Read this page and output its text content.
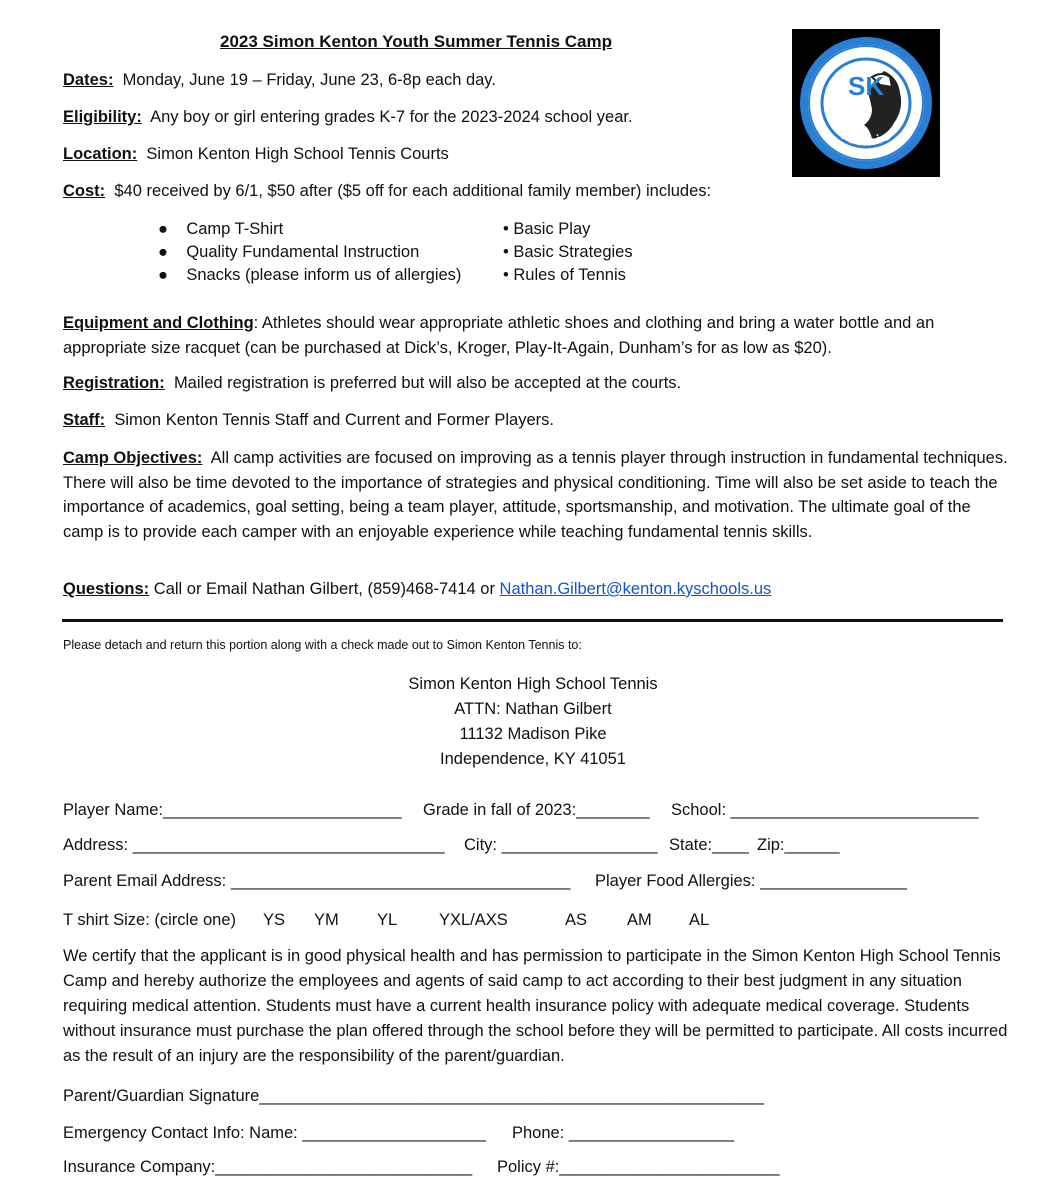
2023 Simon Kenton Youth Summer Tennis Camp
SK
Pioneer
Tennis
Dates: Monday, June 19 – Friday, June 23, 6-8p each day.
Eligibility: Any boy or girl entering grades K-7 for the 2023-2024 school year.
Location: Simon Kenton High School Tennis Courts
Cost: $40 received by 6/1, $50 after ($5 off for each additional family member) includes:
●    Camp T-Shirt
●    Quality Fundamental Instruction
●    Snacks (please inform us of allergies)
• Basic Play
• Basic Strategies
• Rules of Tennis
Equipment and Clothing: Athletes should wear appropriate athletic shoes and clothing and bring a water bottle and an appropriate size racquet (can be purchased at Dick’s, Kroger, Play-It-Again, Dunham’s for as low as $20).
Registration: Mailed registration is preferred but will also be accepted at the courts.
Staff: Simon Kenton Tennis Staff and Current and Former Players.
Camp Objectives: All camp activities are focused on improving as a tennis player through instruction in fundamental techniques. There will also be time devoted to the importance of strategies and physical conditioning. Time will also be set aside to teach the importance of academics, goal setting, being a team player, attitude, sportsmanship, and motivation. The ultimate goal of the camp is to provide each camper with an enjoyable experience while teaching fundamental tennis skills.
Questions: Call or Email Nathan Gilbert, (859)468-7414 or Nathan.Gilbert@kenton.kyschools.us
Please detach and return this portion along with a check made out to Simon Kenton Tennis to:
Simon Kenton High School Tennis
ATTN: Nathan Gilbert
11132 Madison Pike
Independence, KY 41051
Player Name:__________________________ Grade in fall of 2023:________ School: ___________________________
Address: __________________________________ City: _________________ State:____ Zip:______
Parent Email Address: _____________________________________ Player Food Allergies: ________________
T shirt Size: (circle one) YS YM YL	YXL/AXS	AS AM AL
We certify that the applicant is in good physical health and has permission to participate in the Simon Kenton High School Tennis Camp and hereby authorize the employees and agents of said camp to act according to their best judgment in any situation requiring medical attention. Students must have a current health insurance policy with adequate medical coverage. Students without insurance must purchase the plan offered through the school before they will be permitted to participate. All costs incurred as the result of an injury are the responsibility of the parent/guardian.
Parent/Guardian Signature_______________________________________________________
Emergency Contact Info: Name: ____________________ Phone: __________________
Insurance Company:____________________________ Policy #:________________________
